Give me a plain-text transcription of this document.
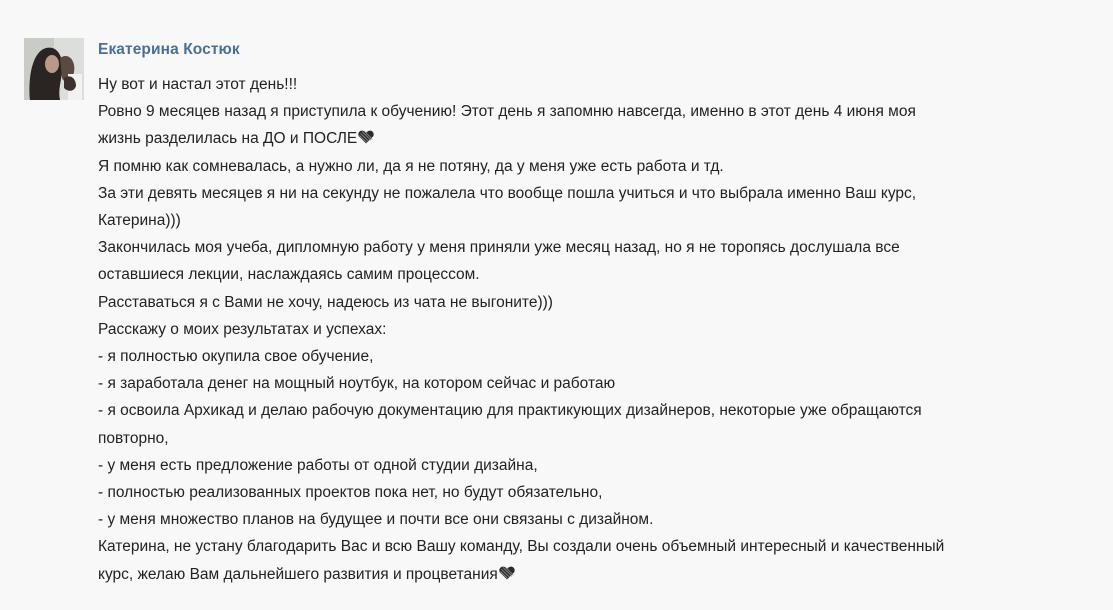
Екатерина Костюк
Ну вот и настал этот день!!!
Ровно 9 месяцев назад я приступила к обучению! Этот день я запомню навсегда, именно в этот день 4 июня моя
жизнь разделилась на ДО и ПОСЛЕ
Я помню как сомневалась, а нужно ли, да я не потяну, да у меня уже есть работа и тд.
За эти девять месяцев я ни на секунду не пожалела что вообще пошла учиться и что выбрала именно Ваш курс,
Катерина)))
Закончилась моя учеба, дипломную работу у меня приняли уже месяц назад, но я не торопясь дослушала все
оставшиеся лекции, наслаждаясь самим процессом.
Расставаться я с Вами не хочу, надеюсь из чата не выгоните)))
Расскажу о моих результатах и успехах:
- я полностью окупила свое обучение,
- я заработала денег на мощный ноутбук, на котором сейчас и работаю
- я освоила Архикад и делаю рабочую документацию для практикующих дизайнеров, некоторые уже обращаются
повторно,
- у меня есть предложение работы от одной студии дизайна,
- полностью реализованных проектов пока нет, но будут обязательно,
- у меня множество планов на будущее и почти все они связаны с дизайном.
Катерина, не устану благодарить Вас и всю Вашу команду, Вы создали очень объемный интересный и качественный
курс, желаю Вам дальнейшего развития и процветания
